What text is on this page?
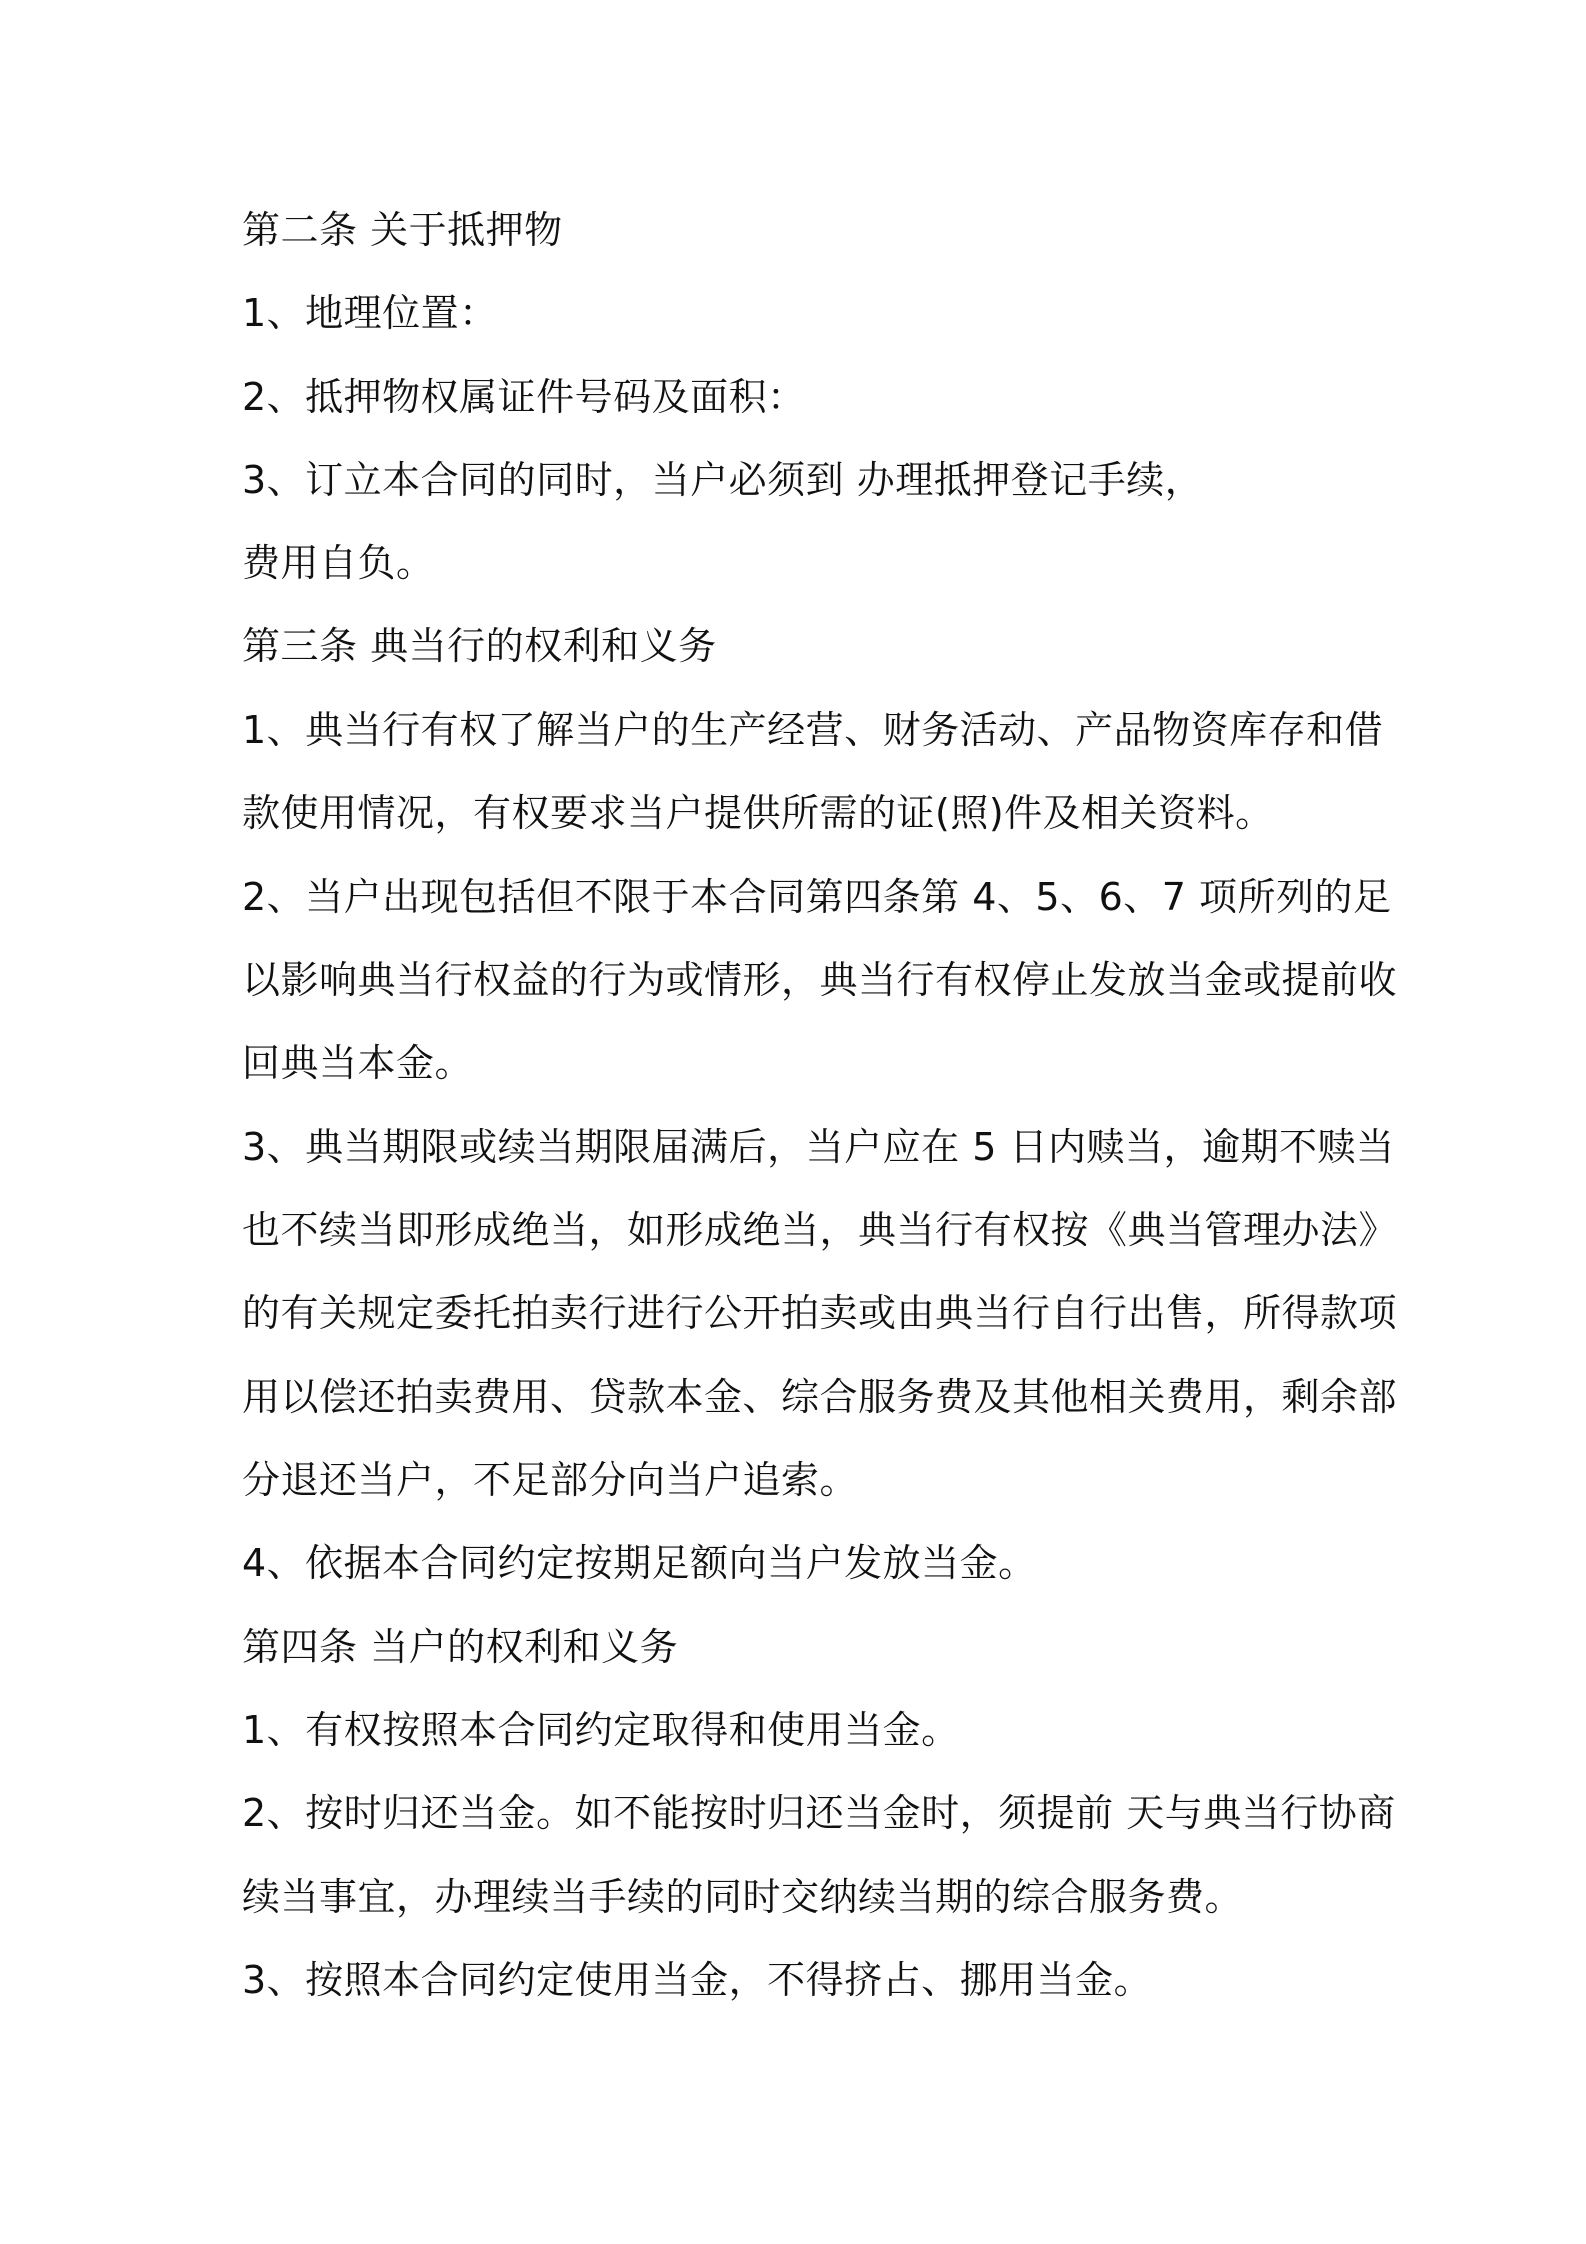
第二条 关于抵押物
1、地理位置：
2、抵押物权属证件号码及面积：
3、订立本合同的同时，当户必须到 办理抵押登记手续，
费用自负。
第三条 典当行的权利和义务
1、典当行有权了解当户的生产经营、财务活动、产品物资库存和借
款使用情况，有权要求当户提供所需的证(照)件及相关资料。
2、当户出现包括但不限于本合同第四条第 4、5、6、7 项所列的足
以影响典当行权益的行为或情形，典当行有权停止发放当金或提前收
回典当本金。
3、典当期限或续当期限届满后，当户应在 5 日内赎当，逾期不赎当
也不续当即形成绝当，如形成绝当，典当行有权按《典当管理办法》
的有关规定委托拍卖行进行公开拍卖或由典当行自行出售，所得款项
用以偿还拍卖费用、贷款本金、综合服务费及其他相关费用，剩余部
分退还当户，不足部分向当户追索。
4、依据本合同约定按期足额向当户发放当金。
第四条 当户的权利和义务
1、有权按照本合同约定取得和使用当金。
2、按时归还当金。如不能按时归还当金时，须提前 天与典当行协商
续当事宜，办理续当手续的同时交纳续当期的综合服务费。
3、按照本合同约定使用当金，不得挤占、挪用当金。
